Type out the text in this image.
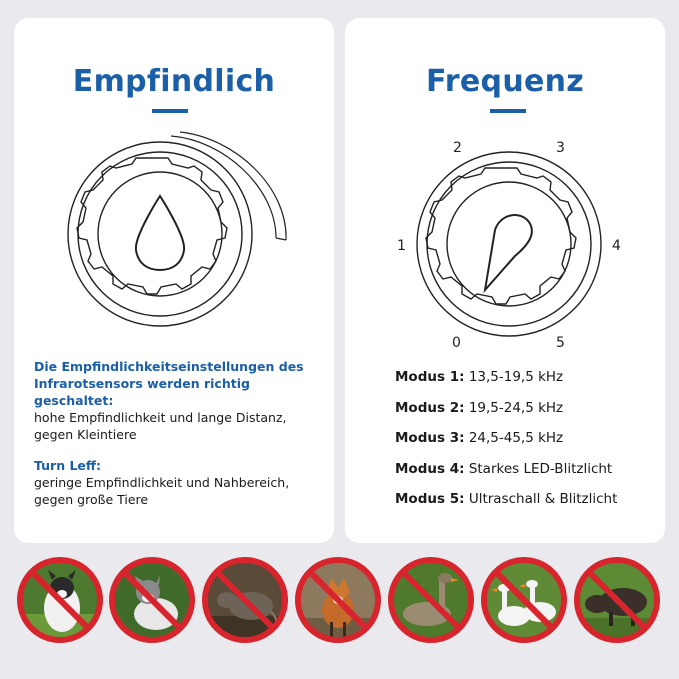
Empfindlich

Die Empfindlichkeitseinstellungen des Infrarotsensors werden richtig geschaltet:

hohe Empfindlichkeit und lange Distanz, gegen Kleintiere

Turn Leff:

geringe Empfindlichkeit und Nahbereich, gegen große Tiere

Frequenz
2	3
1	4
0	5
Modus 1: 13,5-19,5 kHz
Modus 2: 19,5-24,5 kHz
Modus 3: 24,5-45,5 kHz
Modus 4: Starkes LED-Blitzlicht
Modus 5: Ultraschall & Blitzlicht
